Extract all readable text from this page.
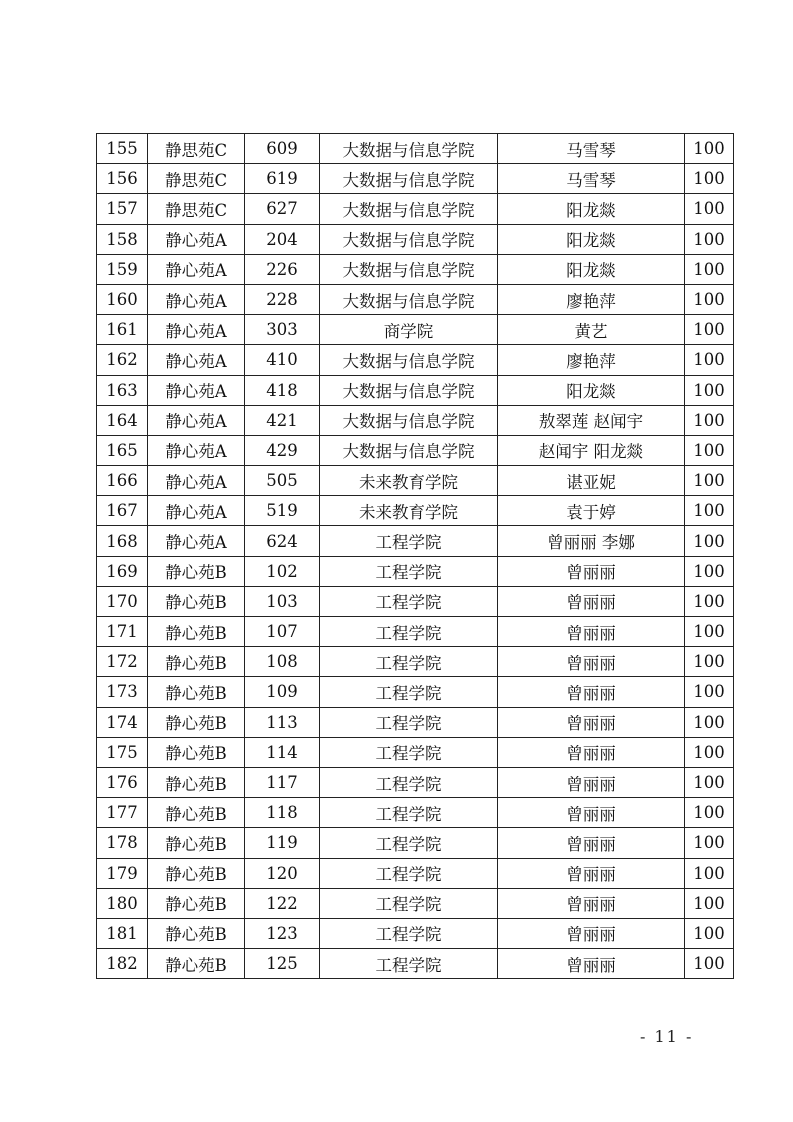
155	静思苑C	609	大数据与信息学院	马雪琴	100
156	静思苑C	619	大数据与信息学院	马雪琴	100
157	静思苑C	627	大数据与信息学院	阳龙燚	100
158	静心苑A	204	大数据与信息学院	阳龙燚	100
159	静心苑A	226	大数据与信息学院	阳龙燚	100
160	静心苑A	228	大数据与信息学院	廖艳萍	100
161	静心苑A	303	商学院	黄艺	100
162	静心苑A	410	大数据与信息学院	廖艳萍	100
163	静心苑A	418	大数据与信息学院	阳龙燚	100
164	静心苑A	421	大数据与信息学院	敖翠莲 赵闻宇	100
165	静心苑A	429	大数据与信息学院	赵闻宇 阳龙燚	100
166	静心苑A	505	未来教育学院	谌亚妮	100
167	静心苑A	519	未来教育学院	袁于婷	100
168	静心苑A	624	工程学院	曾丽丽 李娜	100
169	静心苑B	102	工程学院	曾丽丽	100
170	静心苑B	103	工程学院	曾丽丽	100
171	静心苑B	107	工程学院	曾丽丽	100
172	静心苑B	108	工程学院	曾丽丽	100
173	静心苑B	109	工程学院	曾丽丽	100
174	静心苑B	113	工程学院	曾丽丽	100
175	静心苑B	114	工程学院	曾丽丽	100
176	静心苑B	117	工程学院	曾丽丽	100
177	静心苑B	118	工程学院	曾丽丽	100
178	静心苑B	119	工程学院	曾丽丽	100
179	静心苑B	120	工程学院	曾丽丽	100
180	静心苑B	122	工程学院	曾丽丽	100
181	静心苑B	123	工程学院	曾丽丽	100
182	静心苑B	125	工程学院	曾丽丽	100
- 11 -
